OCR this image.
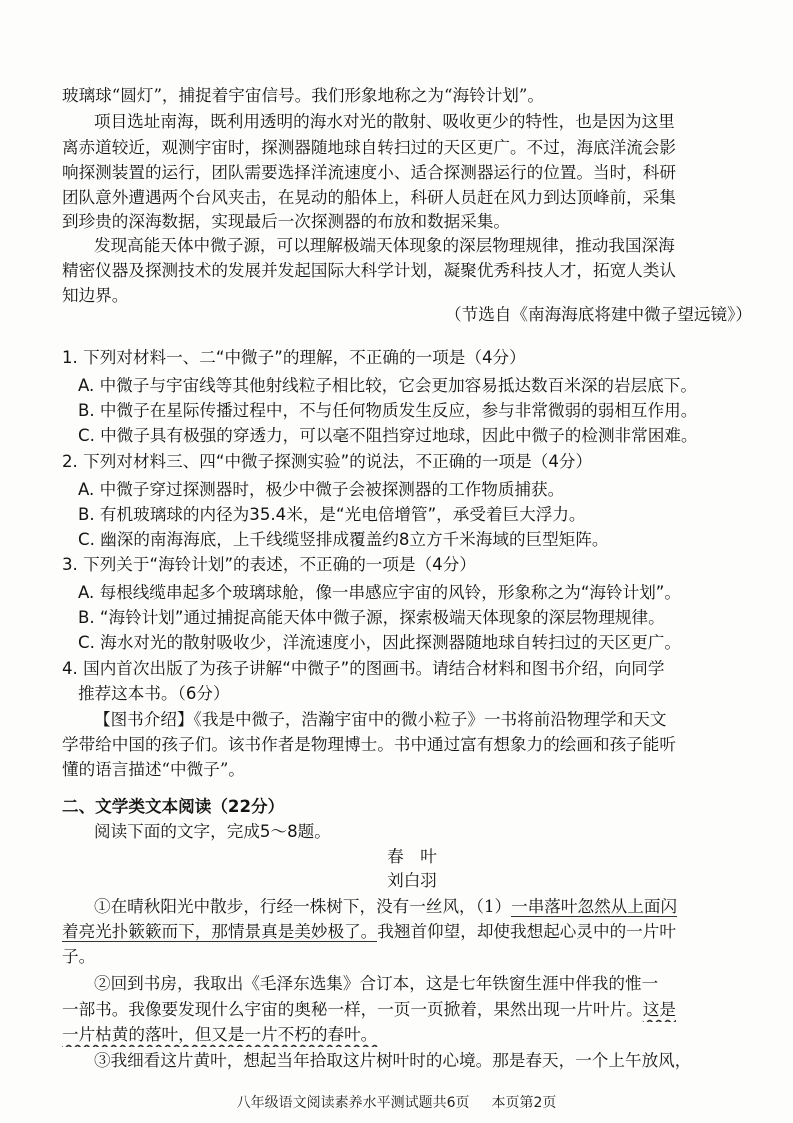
玻璃球“圆灯”，捕捉着宇宙信号。我们形象地称之为“海铃计划”。
项目选址南海，既利用透明的海水对光的散射、吸收更少的特性，也是因为这里
离赤道较近，观测宇宙时，探测器随地球自转扫过的天区更广。不过，海底洋流会影
响探测装置的运行，团队需要选择洋流速度小、适合探测器运行的位置。当时，科研
团队意外遭遇两个台风夹击，在晃动的船体上，科研人员赶在风力到达顶峰前，采集
到珍贵的深海数据，实现最后一次探测器的布放和数据采集。
发现高能天体中微子源，可以理解极端天体现象的深层物理规律，推动我国深海
精密仪器及探测技术的发展并发起国际大科学计划，凝聚优秀科技人才，拓宽人类认
知边界。
（节选自《南海海底将建中微子望远镜》）
1. 下列对材料一、二“中微子”的理解，不正确 • • •的一项是（4分）
A. 中微子与宇宙线等其他射线粒子相比较，它会更加容易抵达数百米深的岩层底下。
B. 中微子在星际传播过程中，不与任何物质发生反应，参与非常微弱的弱相互作用。
C. 中微子具有极强的穿透力，可以毫不阻挡穿过地球，因此中微子的检测非常困难。
2. 下列对材料三、四“中微子探测实验”的说法，不正确 • • •的一项是（4分）
A. 中微子穿过探测器时，极少中微子会被探测器的工作物质捕获。
B. 有机玻璃球的内径为35.4米，是“光电倍增管”，承受着巨大浮力。
C. 幽深的南海海底，上千线缆竖排成覆盖约8立方千米海域的巨型矩阵。
3. 下列关于“海铃计划”的表述，不正确 • • •的一项是（4分）
A. 每根线缆串起多个玻璃球舱，像一串感应宇宙的风铃，形象称之为“海铃计划”。
B. “海铃计划”通过捕捉高能天体中微子源，探索极端天体现象的深层物理规律。
C. 海水对光的散射吸收少，洋流速度小，因此探测器随地球自转扫过的天区更广。
4. 国内首次出版了为孩子讲解“中微子”的图画书。请结合材料和图书介绍，向同学
推荐这本书。（6分）
【图书介绍】《我是中微子，浩瀚宇宙中的微小粒子》一书将前沿物理学和天文
学带给中国的孩子们。该书作者是物理博士。书中通过富有想象力的绘画和孩子能听
懂的语言描述“中微子”。
二、文学类文本阅读（22分）
阅读下面的文字，完成5～8题。
春　叶
刘白羽
①在晴秋阳光中散步，行经一株树下，没有一丝风，（1）一串落叶忽然从上面闪
着亮光扑簌簌而下，那情景真是美妙极了。我翘首仰望，却使我想起心灵中的一片叶
子。
②回到书房，我取出《毛泽东选集》合订本，这是七年铁窗生涯中伴我的惟一
一部书。我像要发现什么宇宙的奥秘一样，一页一页 • • •掀着，果然出现一片叶片。这是
一片枯黄的落叶，但又是一片不朽的春叶。
③我细看这片黄叶，想起当年拾取这片树叶时的心境。那是春天，一个上午放风，
八年级语文阅读素养水平测试题共6页 本页第2页
